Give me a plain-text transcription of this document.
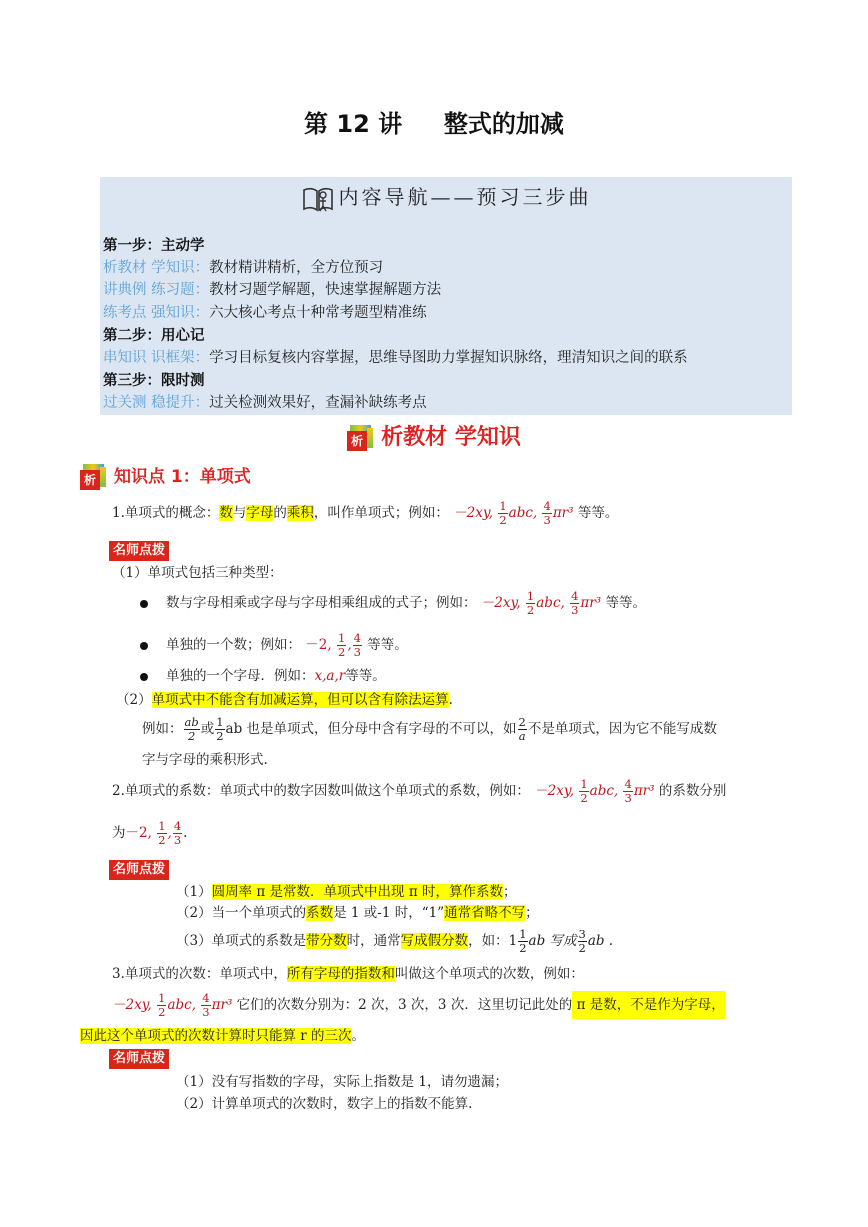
第 12 讲     整式的加减
内容导航——预习三步曲
第一步：主动学
析教材 学知识：教材精讲精析，全方位预习
讲典例 练习题：教材习题学解题，快速掌握解题方法
练考点 强知识：六大核心考点十种常考题型精准练
第二步：用心记
串知识 识框架：学习目标复核内容掌握，思维导图助力掌握知识脉络，理清知识之间的联系
第三步：限时测
过关测 稳提升：过关检测效果好，查漏补缺练考点
析 析教材 学知识
析 知识点 1：单项式
1.单项式的概念：数与字母的乘积，叫作单项式；例如： －2xy, $\frac{1}{2}$ abc, $\frac{4}{3} \pi r^3$ 等等。
名师点拨
（1）单项式包括三种类型：
数与字母相乘或字母与字母相乘组成的式子；例如： －2xy, $\frac{1}{2}$ abc, $\frac{4}{3} \pi r^3$ 等等。
单独的一个数；例如： －2, $\frac{1}{2}$ , $\frac{4}{3}$ 等等。
单独的一个字母．例如：x,a,r等等。
（2）单项式中不能含有加减运算，但可以含有除法运算.
例如： $\frac{ab}{2}$ 或 $\frac{1}{2}$ ab 也是单项式，但分母中含有字母的不可以，如 $\frac{2}{a}$ 不是单项式，因为它不能写成数
字与字母的乘积形式.
2.单项式的系数：单项式中的数字因数叫做这个单项式的系数，例如： －2xy, $\frac{1}{2}$ abc, $\frac{4}{3} \pi r^3$ 的系数分别
为－2, $\frac{1}{2}$ , $\frac{4}{3}$ .
名师点拨
（1）圆周率 π 是常数．单项式中出现 π 时，算作系数；
（2）当一个单项式的系数是 1 或-1 时，“1”通常省略不写；
（3）单项式的系数是带分数时，通常写成假分数，如：$1 \frac{1}{2}$ ab 写成 $\frac{3}{2}$ ab .
3.单项式的次数：单项式中，所有字母的指数和叫做这个单项式的次数，例如：
－2xy, $\frac{1}{2}$ abc, $\frac{4}{3} \pi r^3$ 它们的次数分别为：2 次，3 次，3 次．这里切记此处的 π 是数，不是作为字母，
因此这个单项式的次数计算时只能算 r 的三次。
名师点拨
（1）没有写指数的字母，实际上指数是 1，请勿遗漏；
（2）计算单项式的次数时，数字上的指数不能算.
